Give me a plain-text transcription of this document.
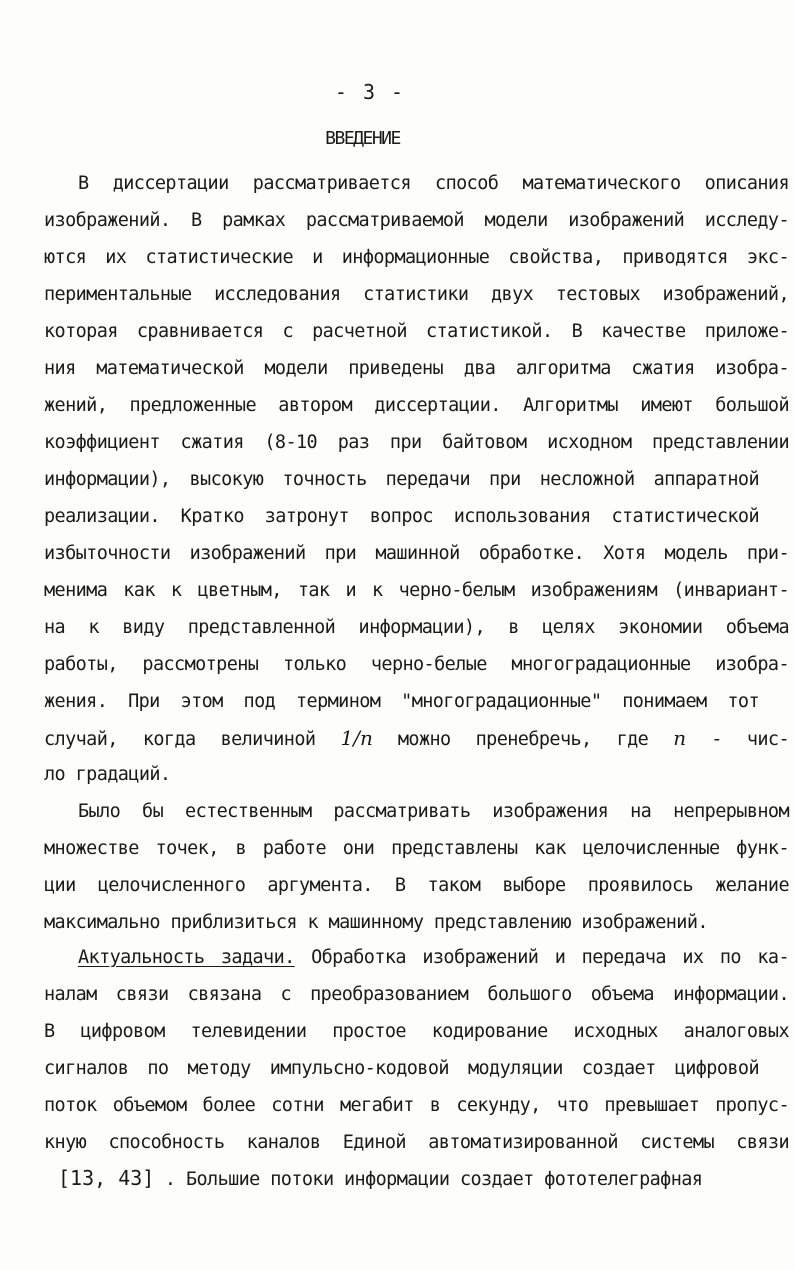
- 3 -
ВВЕДЕНИЕ
В диссертации рассматривается способ математического описания
изображений. В рамках рассматриваемой модели изображений исследу-
ются их статистические и информационные свойства, приводятся экс-
периментальные исследования статистики двух тестовых изображений,
которая сравнивается с расчетной статистикой. В качестве приложе-
ния математической модели приведены два алгоритма сжатия изобра-
жений, предложенные автором диссертации. Алгоритмы имеют большой
коэффициент сжатия (8-10 раз при байтовом исходном представлении
информации), высокую точность передачи при несложной аппаратной
реализации. Кратко затронут вопрос использования статистической
избыточности изображений при машинной обработке. Хотя модель при-
менима как к цветным, так и к черно-белым изображениям (инвариант-
на к виду представленной информации), в целях экономии объема
работы, рассмотрены только черно-белые многоградационные изобра-
жения. При этом под термином "многоградационные" понимаем тот
случай, когда величиной 1/n можно пренебречь, где n - чис-
ло градаций.
Было бы естественным рассматривать изображения на непрерывном
множестве точек, в работе они представлены как целочисленные функ-
ции целочисленного аргумента. В таком выборе проявилось желание
максимально приблизиться к машинному представлению изображений.
Актуальность задачи. Обработка изображений и передача их по ка-
налам связи связана с преобразованием большого объема информации.
В цифровом телевидении простое кодирование исходных аналоговых
сигналов по методу импульсно-кодовой модуляции создает цифровой
поток объемом более сотни мегабит в секунду, что превышает пропус-
кную способность каналов Единой автоматизированной системы связи
[13, 43] . Большие потоки информации создает фототелеграфная
